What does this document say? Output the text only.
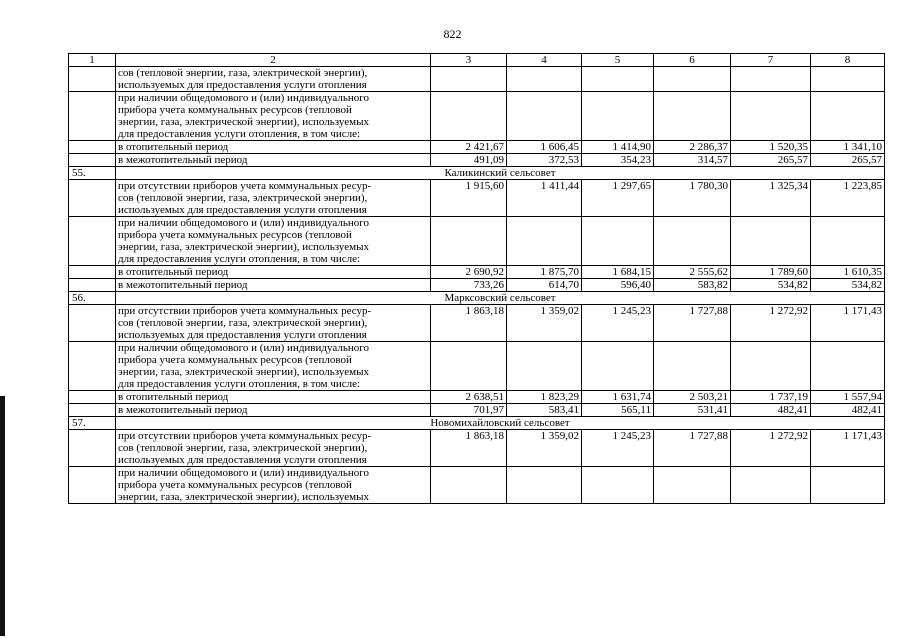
822
1	2	3	4	5	6	7	8

	сов (тепловой энергии, газа, электрической энергии),
используемых для предоставления услуги отопления						

	при наличии общедомового и (или) индивидуального
прибора учета коммунальных ресурсов (тепловой
энергии, газа, электрической энергии), используемых
для предоставления услуги отопления, в том числе:						

	в отопительный период	2 421,67	1 606,45	1 414,90	2 286,37	1 520,35	1 341,10

	в межотопительный период	491,09	372,53	354,23	314,57	265,57	265,57
55.	Каликинский сельсовет						

	при отсутствии приборов учета коммунальных ресур-
сов (тепловой энергии, газа, электрической энергии),
используемых для предоставления услуги отопления	1 915,60	1 411,44	1 297,65	1 780,30	1 325,34	1 223,85

	при наличии общедомового и (или) индивидуального
прибора учета коммунальных ресурсов (тепловой
энергии, газа, электрической энергии), используемых
для предоставления услуги отопления, в том числе:						

	в отопительный период	2 690,92	1 875,70	1 684,15	2 555,62	1 789,60	1 610,35

	в межотопительный период	733,26	614,70	596,40	583,82	534,82	534,82
56.	Марксовский сельсовет						

	при отсутствии приборов учета коммунальных ресур-
сов (тепловой энергии, газа, электрической энергии),
используемых для предоставления услуги отопления	1 863,18	1 359,02	1 245,23	1 727,88	1 272,92	1 171,43

	при наличии общедомового и (или) индивидуального
прибора учета коммунальных ресурсов (тепловой
энергии, газа, электрической энергии), используемых
для предоставления услуги отопления, в том числе:						

	в отопительный период	2 638,51	1 823,29	1 631,74	2 503,21	1 737,19	1 557,94

	в межотопительный период	701,97	583,41	565,11	531,41	482,41	482,41
57.	Новомихайловский сельсовет						

	при отсутствии приборов учета коммунальных ресур-
сов (тепловой энергии, газа, электрической энергии),
используемых для предоставления услуги отопления	1 863,18	1 359,02	1 245,23	1 727,88	1 272,92	1 171,43

	при наличии общедомового и (или) индивидуального
прибора учета коммунальных ресурсов (тепловой
энергии, газа, электрической энергии), используемых						
